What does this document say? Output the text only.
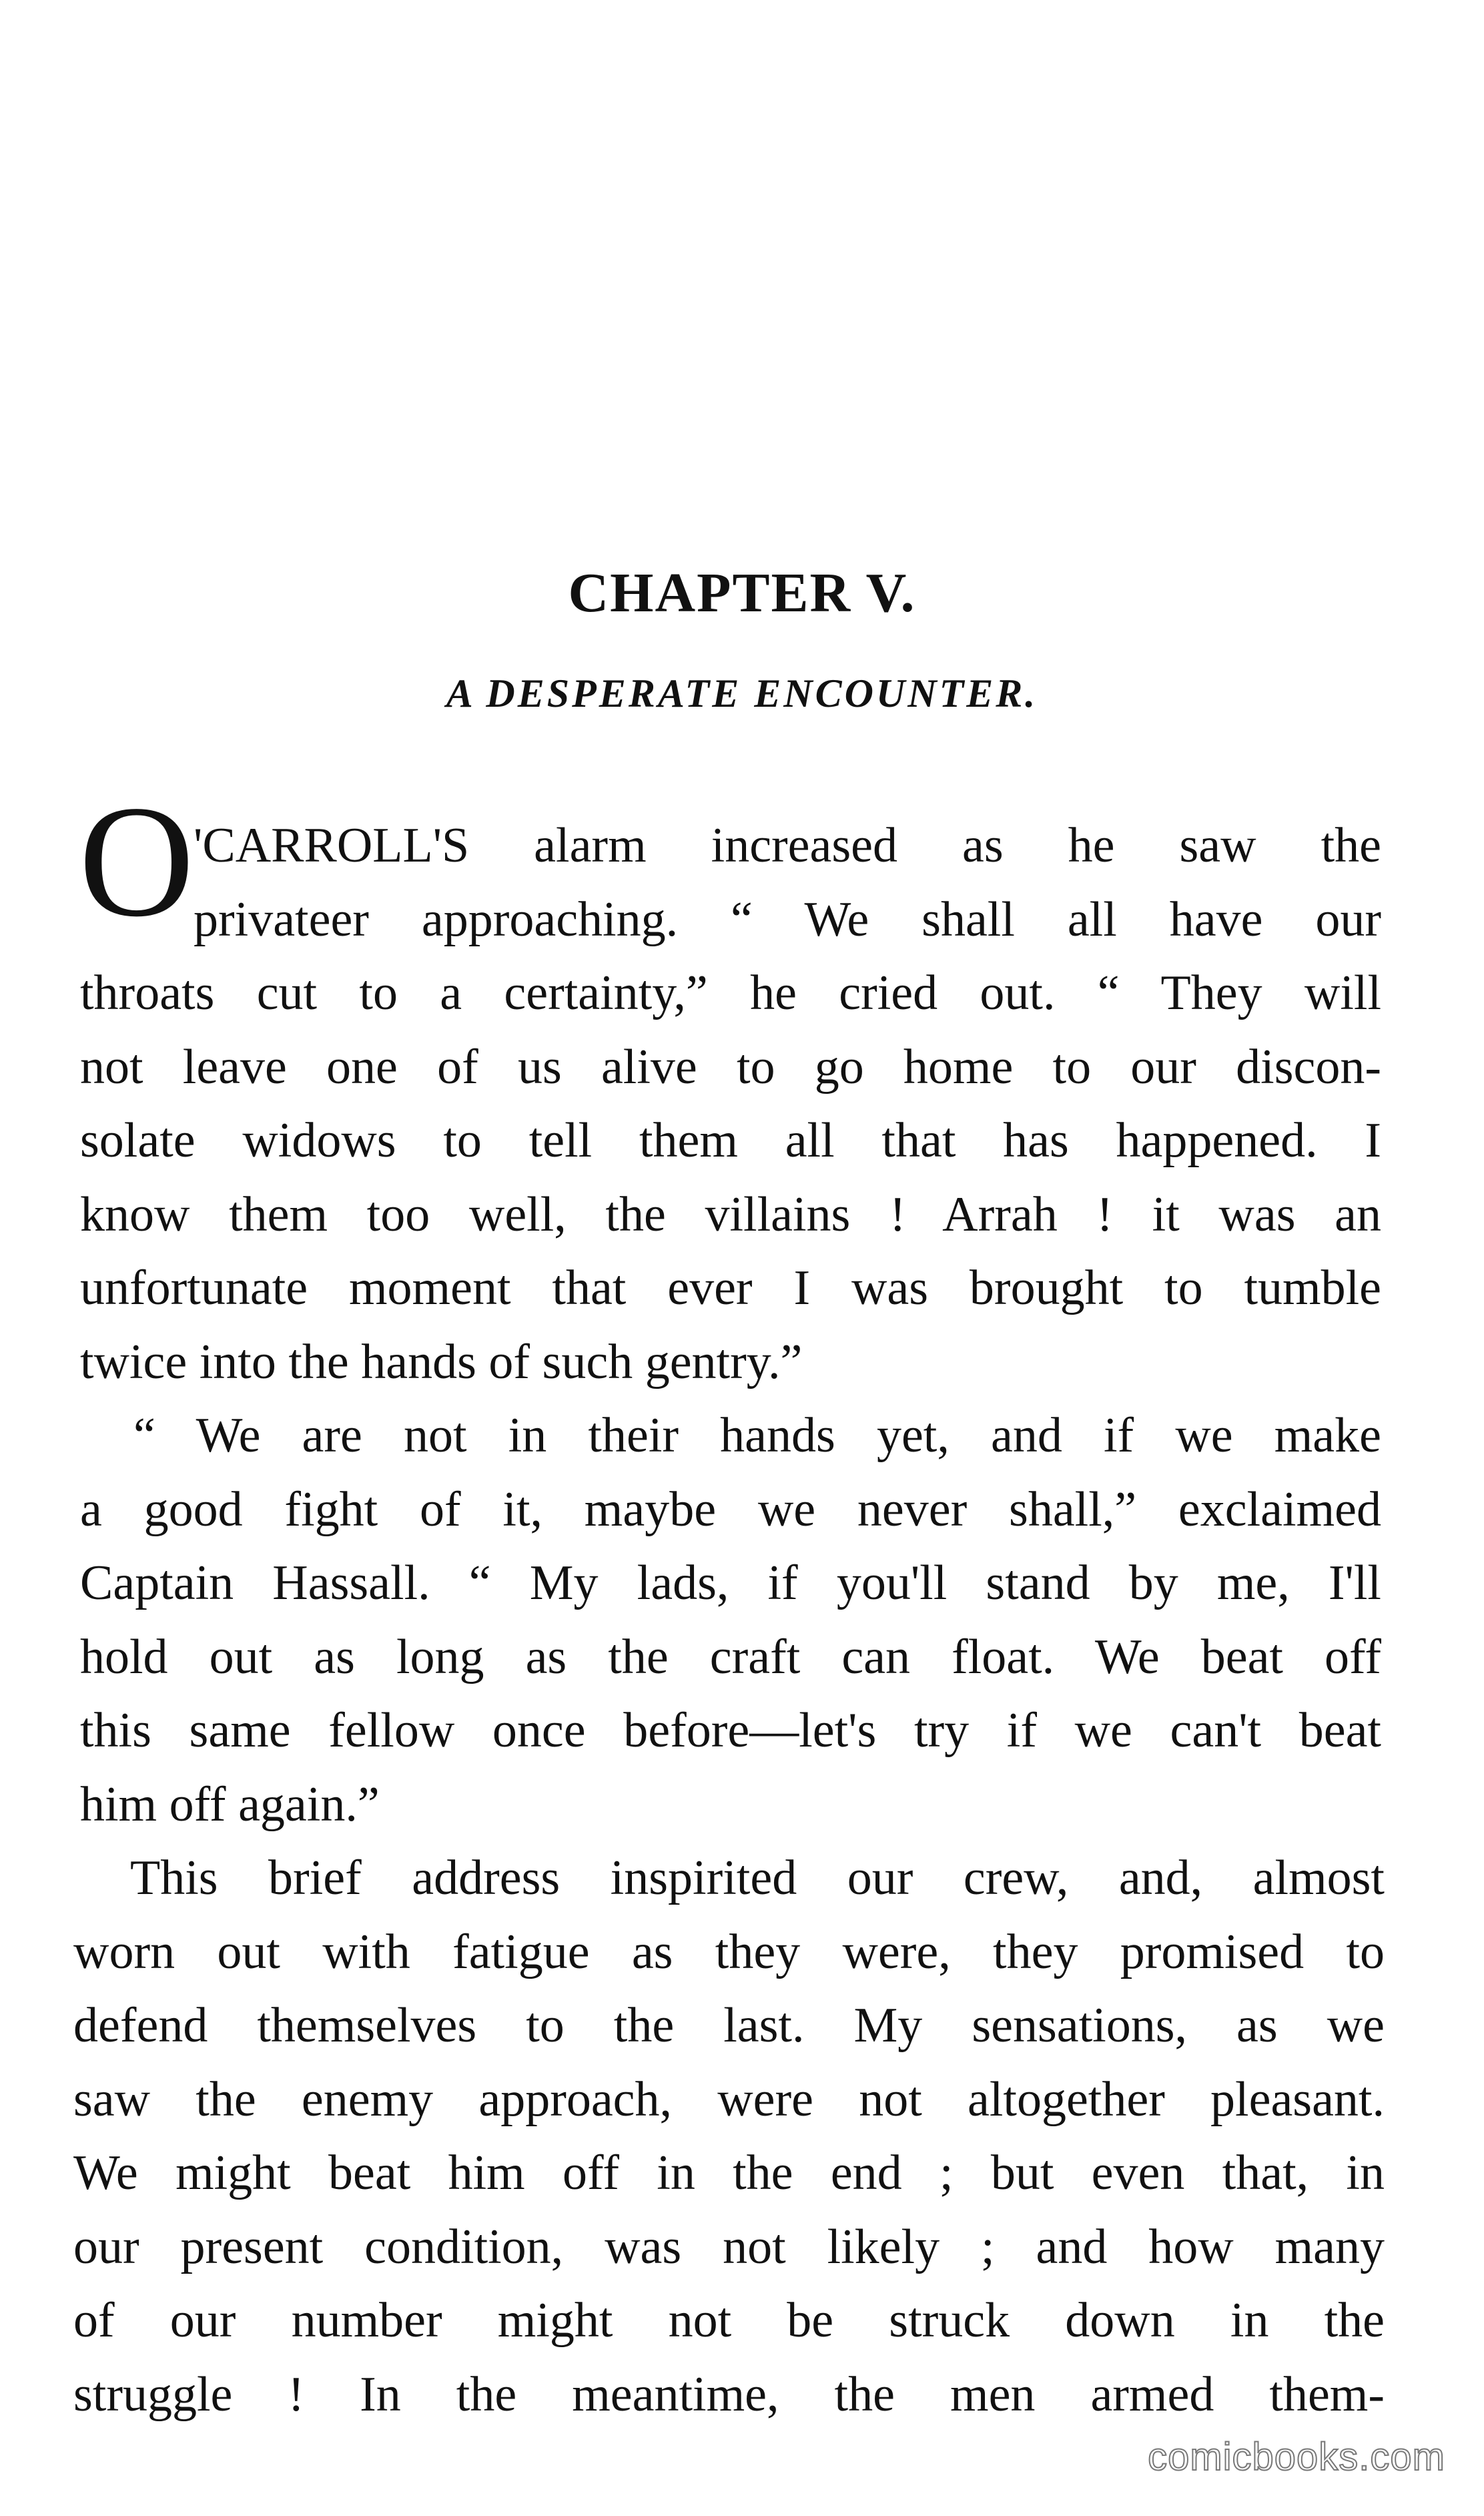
CHAPTER V.
A DESPERATE ENCOUNTER.
O
'CARROLL'S alarm increased as he saw the
privateer approaching. “ We shall all have our
throats cut to a certainty,” he cried out. “ They will
not leave one of us alive to go home to our discon-
solate widows to tell them all that has happened. I
know them too well, the villains ! Arrah ! it was an
unfortunate moment that ever I was brought to tumble
twice into the hands of such gentry.”
“ We are not in their hands yet, and if we make
a good fight of it, maybe we never shall,” exclaimed
Captain Hassall. “ My lads, if you'll stand by me, I'll
hold out as long as the craft can float. We beat off
this same fellow once before—let's try if we can't beat
him off again.”
This brief address inspirited our crew, and, almost
worn out with fatigue as they were, they promised to
defend themselves to the last. My sensations, as we
saw the enemy approach, were not altogether pleasant.
We might beat him off in the end ; but even that, in
our present condition, was not likely ; and how many
of our number might not be struck down in the
struggle ! In the meantime, the men armed them-
comicbooks.com
